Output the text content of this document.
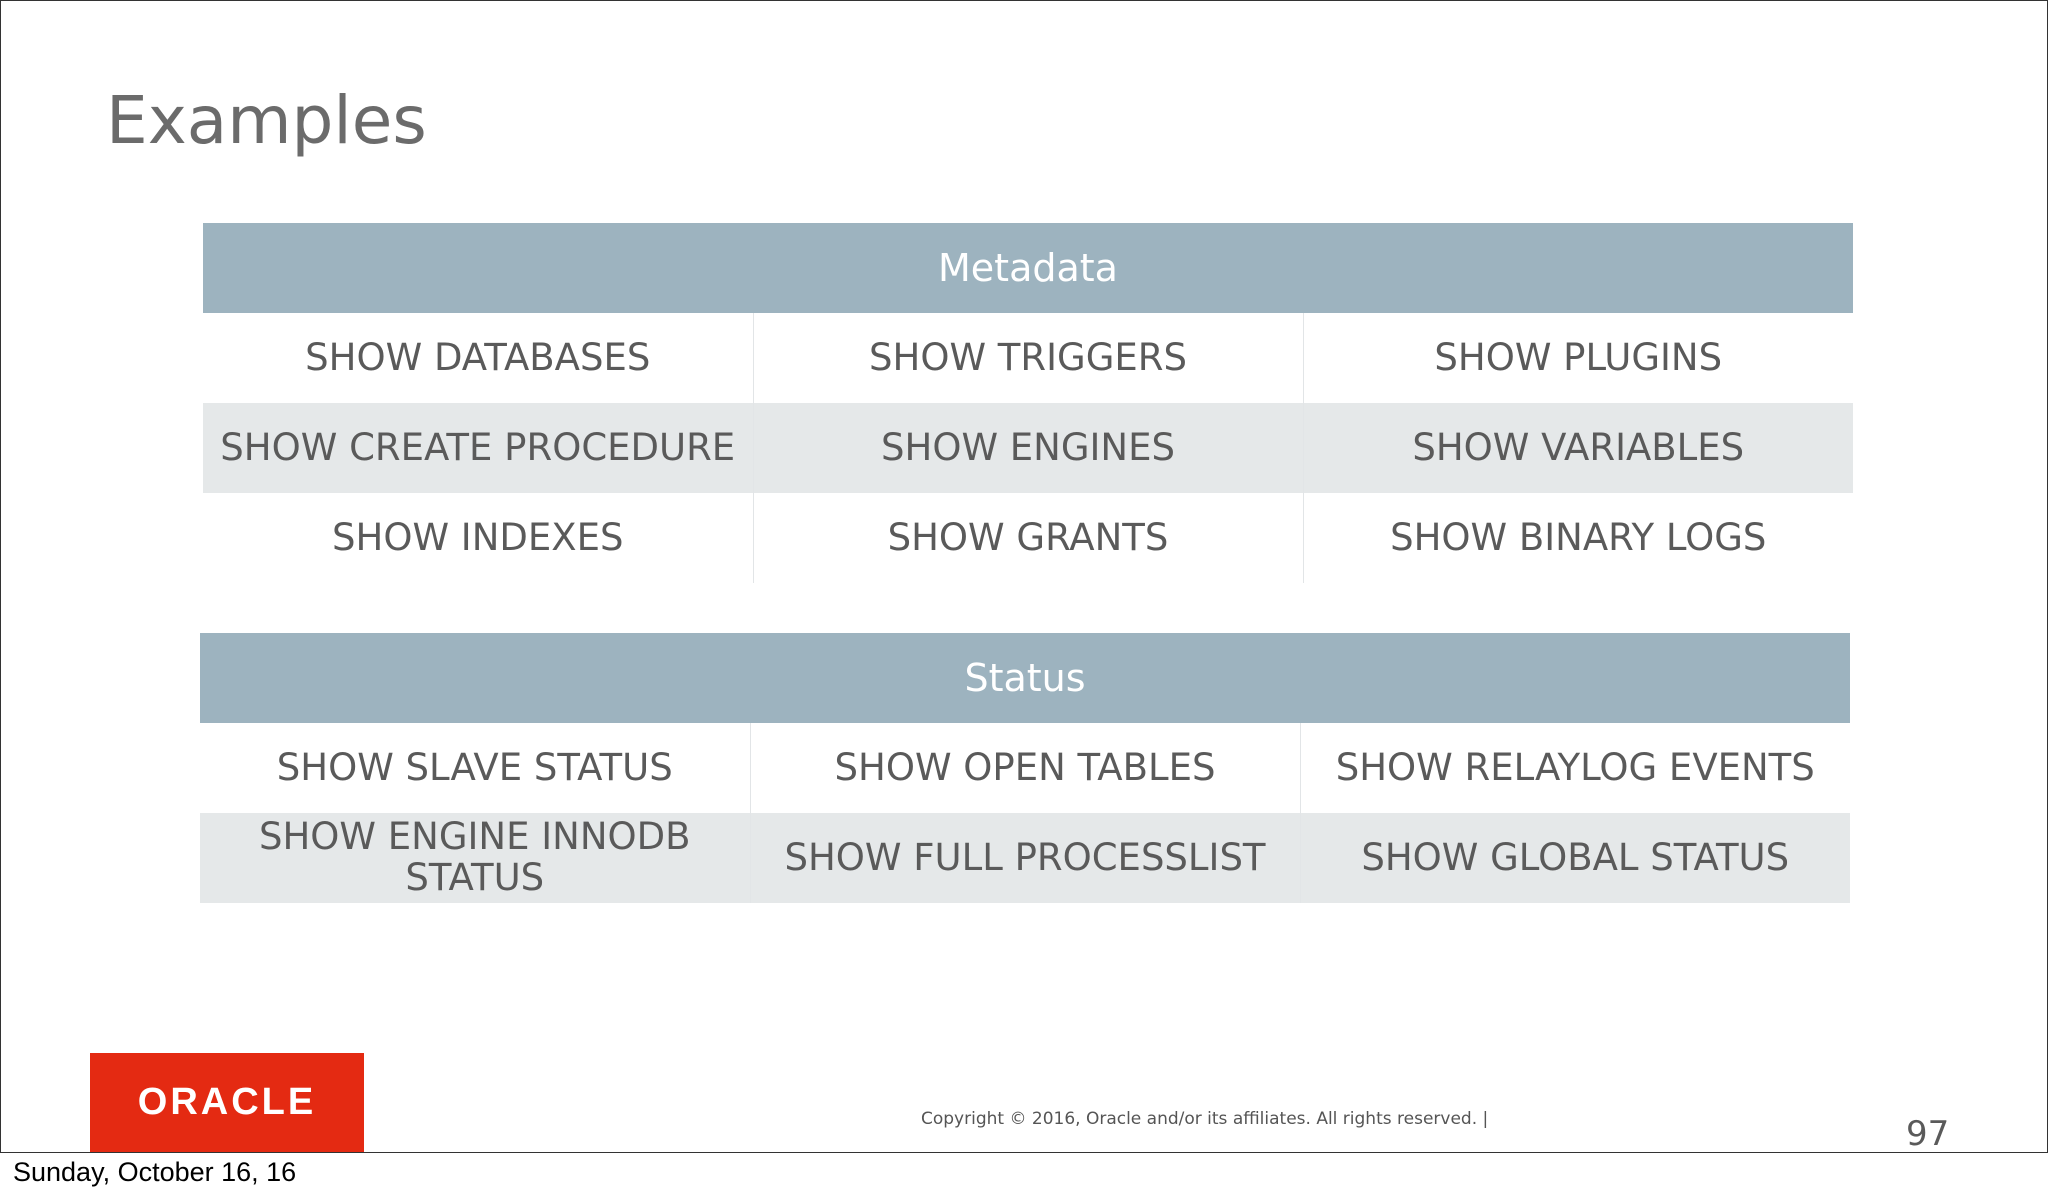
Examples
Metadata		
SHOW DATABASES	SHOW TRIGGERS	SHOW PLUGINS
SHOW CREATE PROCEDURE	SHOW ENGINES	SHOW VARIABLES
SHOW INDEXES	SHOW GRANTS	SHOW BINARY LOGS
Status		
SHOW SLAVE STATUS	SHOW OPEN TABLES	SHOW RELAYLOG EVENTS
SHOW ENGINE INNODB STATUS	SHOW FULL PROCESSLIST	SHOW GLOBAL STATUS
ORACLE	Copyright © 2016, Oracle and/or its affiliates. All rights reserved. |	97
Sunday, October 16, 16
